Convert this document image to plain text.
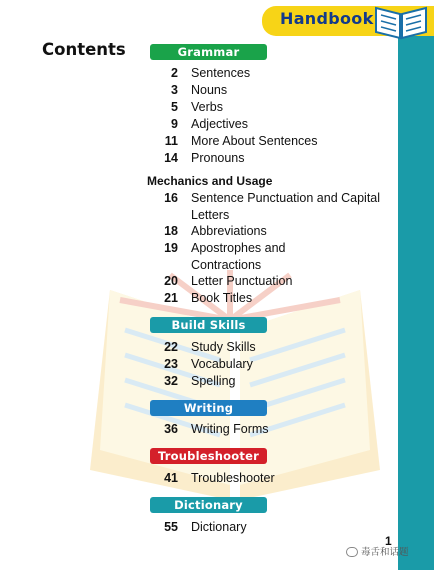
Handbook
Contents	Grammar
2 Sentences
3 Nouns
5 Verbs
9 Adjectives
11 More About Sentences
14 Pronouns
Mechanics and Usage
16 Sentence Punctuation and Capital Letters
18 Abbreviations
19 Apostrophes and Contractions
20 Letter Punctuation
21 Book Titles
Build Skills
22 Study Skills
23 Vocabulary
32 Spelling
Writing
36 Writing Forms
Troubleshooter
41 Troubleshooter
Dictionary
55 Dictionary
1
毒舌和话题
